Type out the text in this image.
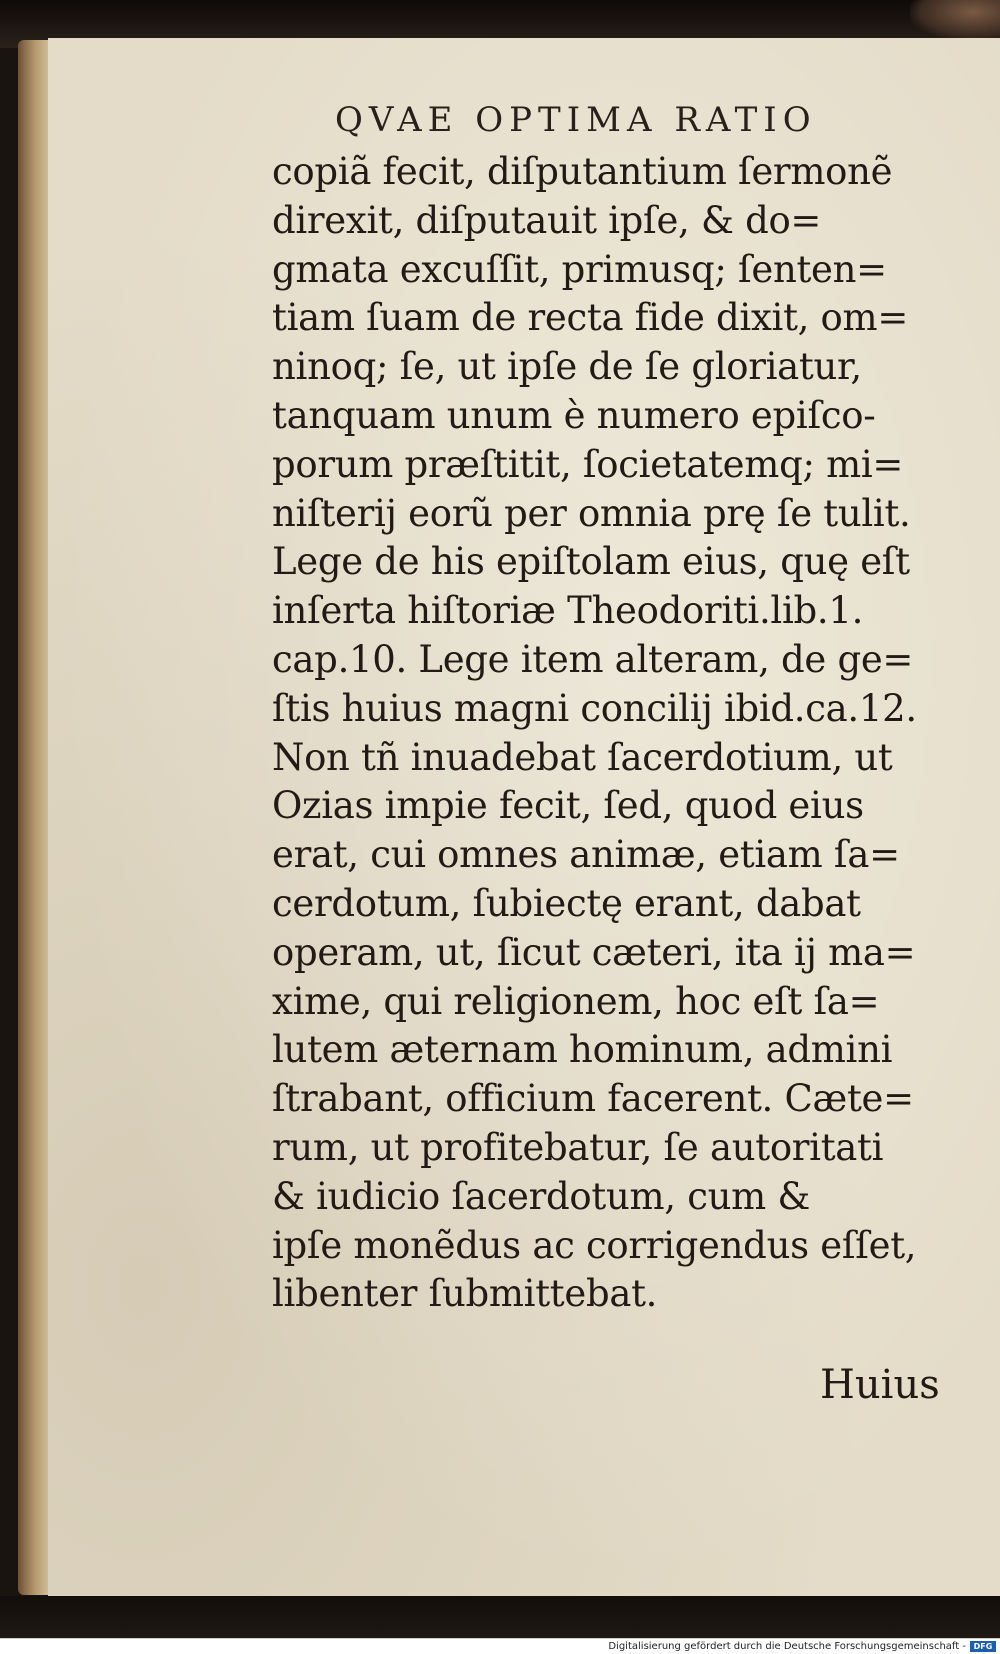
QVAE OPTIMA RATIO
copiã fecit, diſputantium ſermonẽ
direxit, diſputauit ipſe, & do=
gmata excuſſit, primusq; ſenten=
tiam ſuam de recta fide dixit, om=
ninoq; ſe, ut ipſe de ſe gloriatur,
tanquam unum è numero epiſco-
porum præſtitit, ſocietatemq; mi=
niſterij eorũ per omnia prę ſe tulit.
Lege de his epiſtolam eius, quę eſt
inſerta hiſtoriæ Theodoriti.lib.1.
cap.10. Lege item alteram, de ge=
ſtis huius magni concilij ibid.ca.12.
Non tñ inuadebat ſacerdotium, ut
Ozias impie fecit, ſed, quod eius
erat, cui omnes animæ, etiam ſa=
cerdotum, ſubiectę erant, dabat
operam, ut, ſicut cæteri, ita ij ma=
xime, qui religionem, hoc eſt ſa=
lutem æternam hominum, admini
ſtrabant, officium facerent. Cæte=
rum, ut profitebatur, ſe autoritati
& iudicio ſacerdotum, cum &
ipſe monẽdus ac corrigendus eſſet,
libenter ſubmittebat.
Huius
Digitalisierung gefördert durch die Deutsche Forschungsgemeinschaft - DFG
